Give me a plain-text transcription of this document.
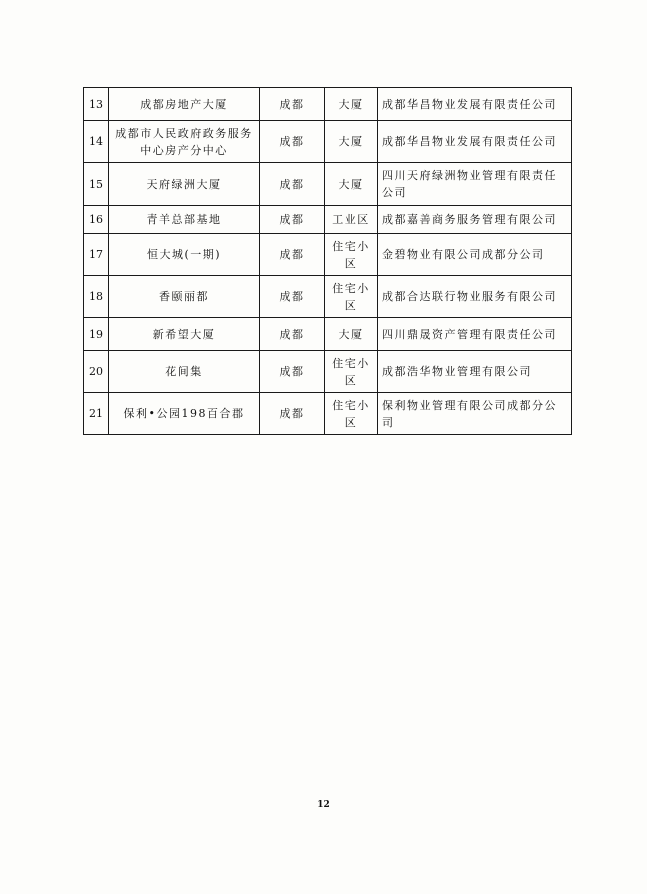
13	成都房地产大厦	成都	大厦	成都华昌物业发展有限责任公司
14	成都市人民政府政务服务中心房产分中心	成都	大厦	成都华昌物业发展有限责任公司
15	天府绿洲大厦	成都	大厦	四川天府绿洲物业管理有限责任公司
16	青羊总部基地	成都	工业区	成都嘉善商务服务管理有限公司
17	恒大城(一期)	成都	住宅小区	金碧物业有限公司成都分公司
18	香颐丽都	成都	住宅小区	成都合达联行物业服务有限公司
19	新希望大厦	成都	大厦	四川鼎晟资产管理有限责任公司
20	花间集	成都	住宅小区	成都浩华物业管理有限公司
21	保利•公园198百合郡	成都	住宅小区	保利物业管理有限公司成都分公司
12
